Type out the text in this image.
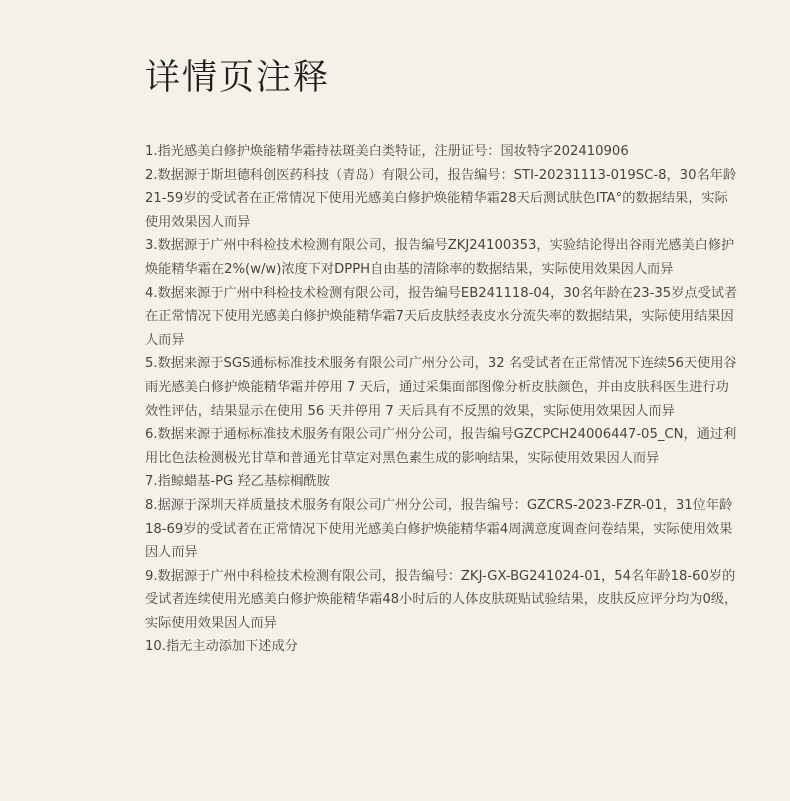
详情页注释

1.指光感美白修护焕能精华霜持祛斑美白类特证，注册证号：国妆特字202410906

2.数据源于斯坦德科创医药科技（青岛）有限公司，报告编号：STI-20231113-019SC-8，30名年龄21-59岁的受试者在正常情况下使用光感美白修护焕能精华霜28天后测试肤色ITA°的数据结果，实际使用效果因人而异

3.数据源于广州中科检技术检测有限公司，报告编号ZKJ24100353，实验结论得出谷雨光感美白修护焕能精华霜在2%(w/w)浓度下对DPPH自由基的清除率的数据结果，实际使用效果因人而异

4.数据来源于广州中科检技术检测有限公司，报告编号EB241118-04，30名年龄在23-35岁点受试者在正常情况下使用光感美白修护焕能精华霜7天后皮肤经表皮水分流失率的数据结果，实际使用结果因人而异

5.数据来源于SGS通标标准技术服务有限公司广州分公司，32 名受试者在正常情况下连续56天使用谷雨光感美白修护焕能精华霜并停用 7 天后，通过采集面部图像分析皮肤颜色，并由皮肤科医生进行功效性评估，结果显示在使用 56 天并停用 7 天后具有不反黑的效果，实际使用效果因人而异

6.数据来源于通标标准技术服务有限公司广州分公司，报告编号GZCPCH24006447-05_CN，通过利用比色法检测极光甘草和普通光甘草定对黑色素生成的影响结果，实际使用效果因人而异

7.指鲸蜡基-PG 羟乙基棕榈酰胺

8.据源于深圳天祥质量技术服务有限公司广州分公司，报告编号：GZCRS-2023-FZR-01，31位年龄18-69岁的受试者在正常情况下使用光感美白修护焕能精华霜4周满意度调查问卷结果，实际使用效果因人而异

9.数据源于广州中科检技术检测有限公司，报告编号：ZKJ-GX-BG241024-01，54名年龄18-60岁的受试者连续使用光感美白修护焕能精华霜48小时后的人体皮肤斑贴试验结果，皮肤反应评分均为0级，实际使用效果因人而异

10.指无主动添加下述成分
